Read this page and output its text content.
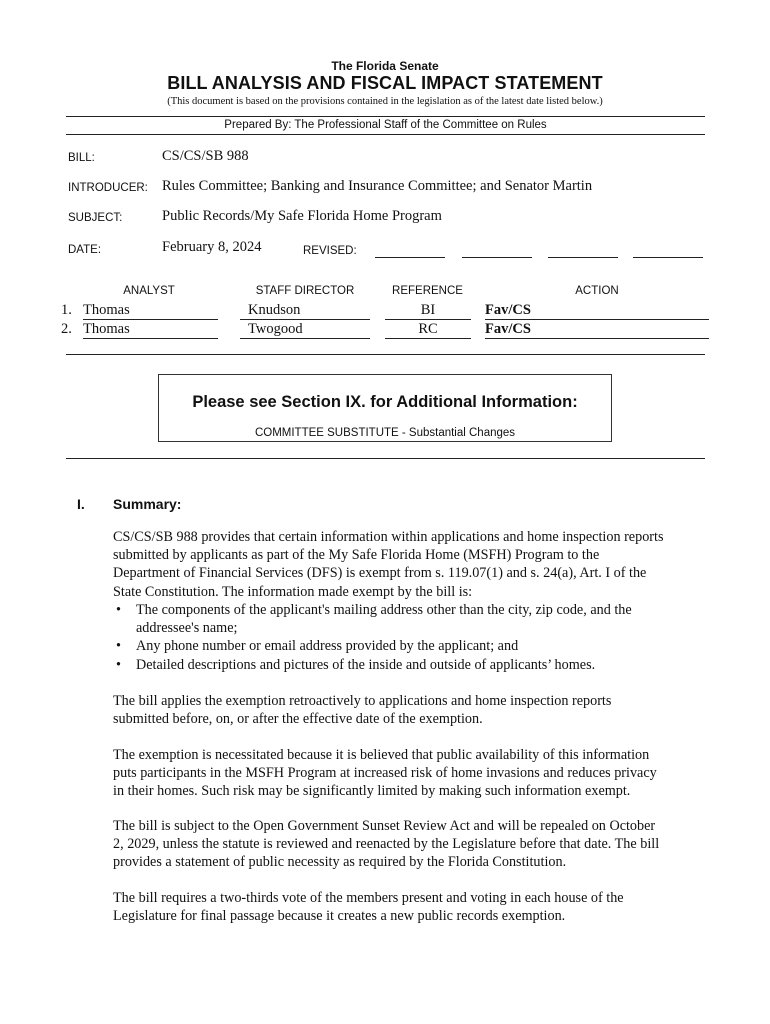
The Florida Senate
BILL ANALYSIS AND FISCAL IMPACT STATEMENT
(This document is based on the provisions contained in the legislation as of the latest date listed below.)
Prepared By: The Professional Staff of the Committee on Rules
BILL:	CS/CS/SB 988
INTRODUCER: Rules Committee; Banking and Insurance Committee; and Senator Martin
SUBJECT:	Public Records/My Safe Florida Home Program
DATE:	February 8, 2024	REVISED:
ANALYST	STAFF DIRECTOR	REFERENCE	ACTION
1. Thomas	Knudson	BI	Fav/CS
2. Thomas	Twogood	RC	Fav/CS
Please see Section IX. for Additional Information:
COMMITTEE SUBSTITUTE - Substantial Changes
I. Summary:
CS/CS/SB 988 provides that certain information within applications and home inspection reports
submitted by applicants as part of the My Safe Florida Home (MSFH) Program to the
Department of Financial Services (DFS) is exempt from s. 119.07(1) and s. 24(a), Art. I of the
State Constitution. The information made exempt by the bill is:
• The components of the applicant's mailing address other than the city, zip code, and the
addressee's name;
• Any phone number or email address provided by the applicant; and
• Detailed descriptions and pictures of the inside and outside of applicants’ homes.
The bill applies the exemption retroactively to applications and home inspection reports
submitted before, on, or after the effective date of the exemption.
The exemption is necessitated because it is believed that public availability of this information
puts participants in the MSFH Program at increased risk of home invasions and reduces privacy
in their homes. Such risk may be significantly limited by making such information exempt.
The bill is subject to the Open Government Sunset Review Act and will be repealed on October
2, 2029, unless the statute is reviewed and reenacted by the Legislature before that date. The bill
provides a statement of public necessity as required by the Florida Constitution.
The bill requires a two-thirds vote of the members present and voting in each house of the
Legislature for final passage because it creates a new public records exemption.
